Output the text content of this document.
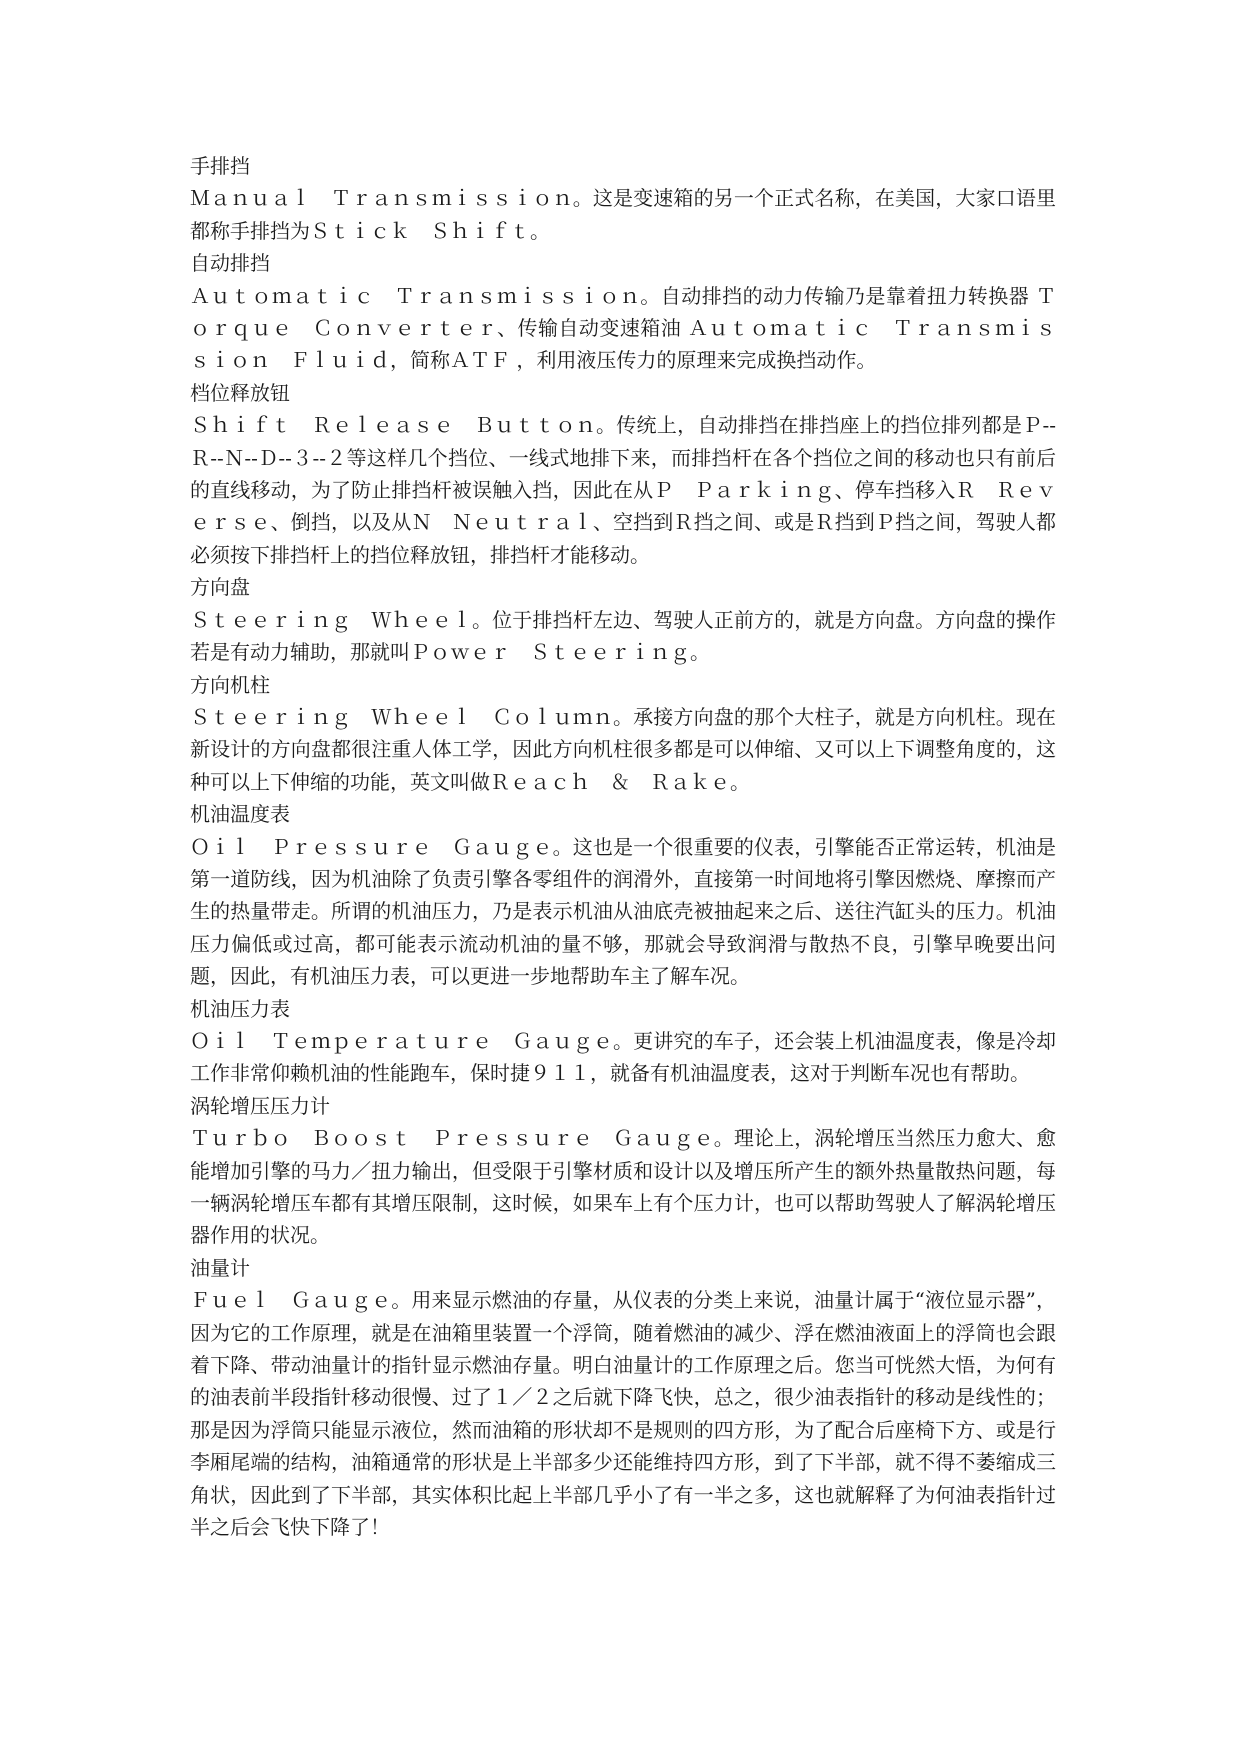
手排挡
Ｍａｎｕａｌ　Ｔｒａｎｓｍｉｓｓｉｏｎ。这是变速箱的另一个正式名称，在美国，大家口语里都称手排挡为Ｓｔｉｃｋ　Ｓｈｉｆｔ。
自动排挡
Ａｕｔｏｍａｔｉｃ　Ｔｒａｎｓｍｉｓｓｉｏｎ。自动排挡的动力传输乃是靠着扭力转换器 Ｔｏｒｑｕｅ　Ｃｏｎｖｅｒｔｅｒ、传输自动变速箱油 Ａｕｔｏｍａｔｉｃ　Ｔｒａｎｓｍｉｓｓｉｏｎ　Ｆｌｕｉｄ，简称ＡＴＦ ，利用液压传力的原理来完成换挡动作。
档位释放钮
Ｓｈｉｆｔ　Ｒｅｌｅａｓｅ　Ｂｕｔｔｏｎ。传统上，自动排挡在排挡座上的挡位排列都是Ｐ--Ｒ--Ｎ--Ｄ--３--２等这样几个挡位、一线式地排下来，而排挡杆在各个挡位之间的移动也只有前后的直线移动，为了防止排挡杆被误触入挡，因此在从Ｐ　Ｐａｒｋｉｎｇ、停车挡移入Ｒ　Ｒｅｖｅｒｓｅ、倒挡，以及从Ｎ　Ｎｅｕｔｒａｌ、空挡到Ｒ挡之间、或是Ｒ挡到Ｐ挡之间，驾驶人都必须按下排挡杆上的挡位释放钮，排挡杆才能移动。
方向盘
Ｓｔｅｅｒｉｎｇ　Ｗｈｅｅｌ。位于排挡杆左边、驾驶人正前方的，就是方向盘。方向盘的操作若是有动力辅助，那就叫Ｐｏｗｅｒ　Ｓｔｅｅｒｉｎｇ。
方向机柱
Ｓｔｅｅｒｉｎｇ　Ｗｈｅｅｌ　Ｃｏｌｕｍｎ。承接方向盘的那个大柱子，就是方向机柱。现在新设计的方向盘都很注重人体工学，因此方向机柱很多都是可以伸缩、又可以上下调整角度的，这种可以上下伸缩的功能，英文叫做Ｒｅａｃｈ　＆　Ｒａｋｅ。
机油温度表
Ｏｉｌ　Ｐｒｅｓｓｕｒｅ　Ｇａｕｇｅ。这也是一个很重要的仪表，引擎能否正常运转，机油是第一道防线，因为机油除了负责引擎各零组件的润滑外，直接第一时间地将引擎因燃烧、摩擦而产生的热量带走。所谓的机油压力，乃是表示机油从油底壳被抽起来之后、送往汽缸头的压力。机油压力偏低或过高，都可能表示流动机油的量不够，那就会导致润滑与散热不良，引擎早晚要出问题，因此，有机油压力表，可以更进一步地帮助车主了解车况。
机油压力表
Ｏｉｌ　Ｔｅｍｐｅｒａｔｕｒｅ　Ｇａｕｇｅ。更讲究的车子，还会装上机油温度表，像是冷却工作非常仰赖机油的性能跑车，保时捷９１１，就备有机油温度表，这对于判断车况也有帮助。
涡轮增压压力计
Ｔｕｒｂｏ　Ｂｏｏｓｔ　Ｐｒｅｓｓｕｒｅ　Ｇａｕｇｅ。理论上，涡轮增压当然压力愈大、愈能增加引擎的马力／扭力输出，但受限于引擎材质和设计以及增压所产生的额外热量散热问题，每一辆涡轮增压车都有其增压限制，这时候，如果车上有个压力计，也可以帮助驾驶人了解涡轮增压器作用的状况。
油量计
Ｆｕｅｌ　Ｇａｕｇｅ。用来显示燃油的存量，从仪表的分类上来说，油量计属于“液位显示器”，因为它的工作原理，就是在油箱里装置一个浮筒，随着燃油的减少、浮在燃油液面上的浮筒也会跟着下降、带动油量计的指针显示燃油存量。明白油量计的工作原理之后。您当可恍然大悟，为何有的油表前半段指针移动很慢、过了１／２之后就下降飞快，总之，很少油表指针的移动是线性的；那是因为浮筒只能显示液位，然而油箱的形状却不是规则的四方形，为了配合后座椅下方、或是行李厢尾端的结构，油箱通常的形状是上半部多少还能维持四方形，到了下半部，就不得不萎缩成三角状，因此到了下半部，其实体积比起上半部几乎小了有一半之多，这也就解释了为何油表指针过半之后会飞快下降了！
